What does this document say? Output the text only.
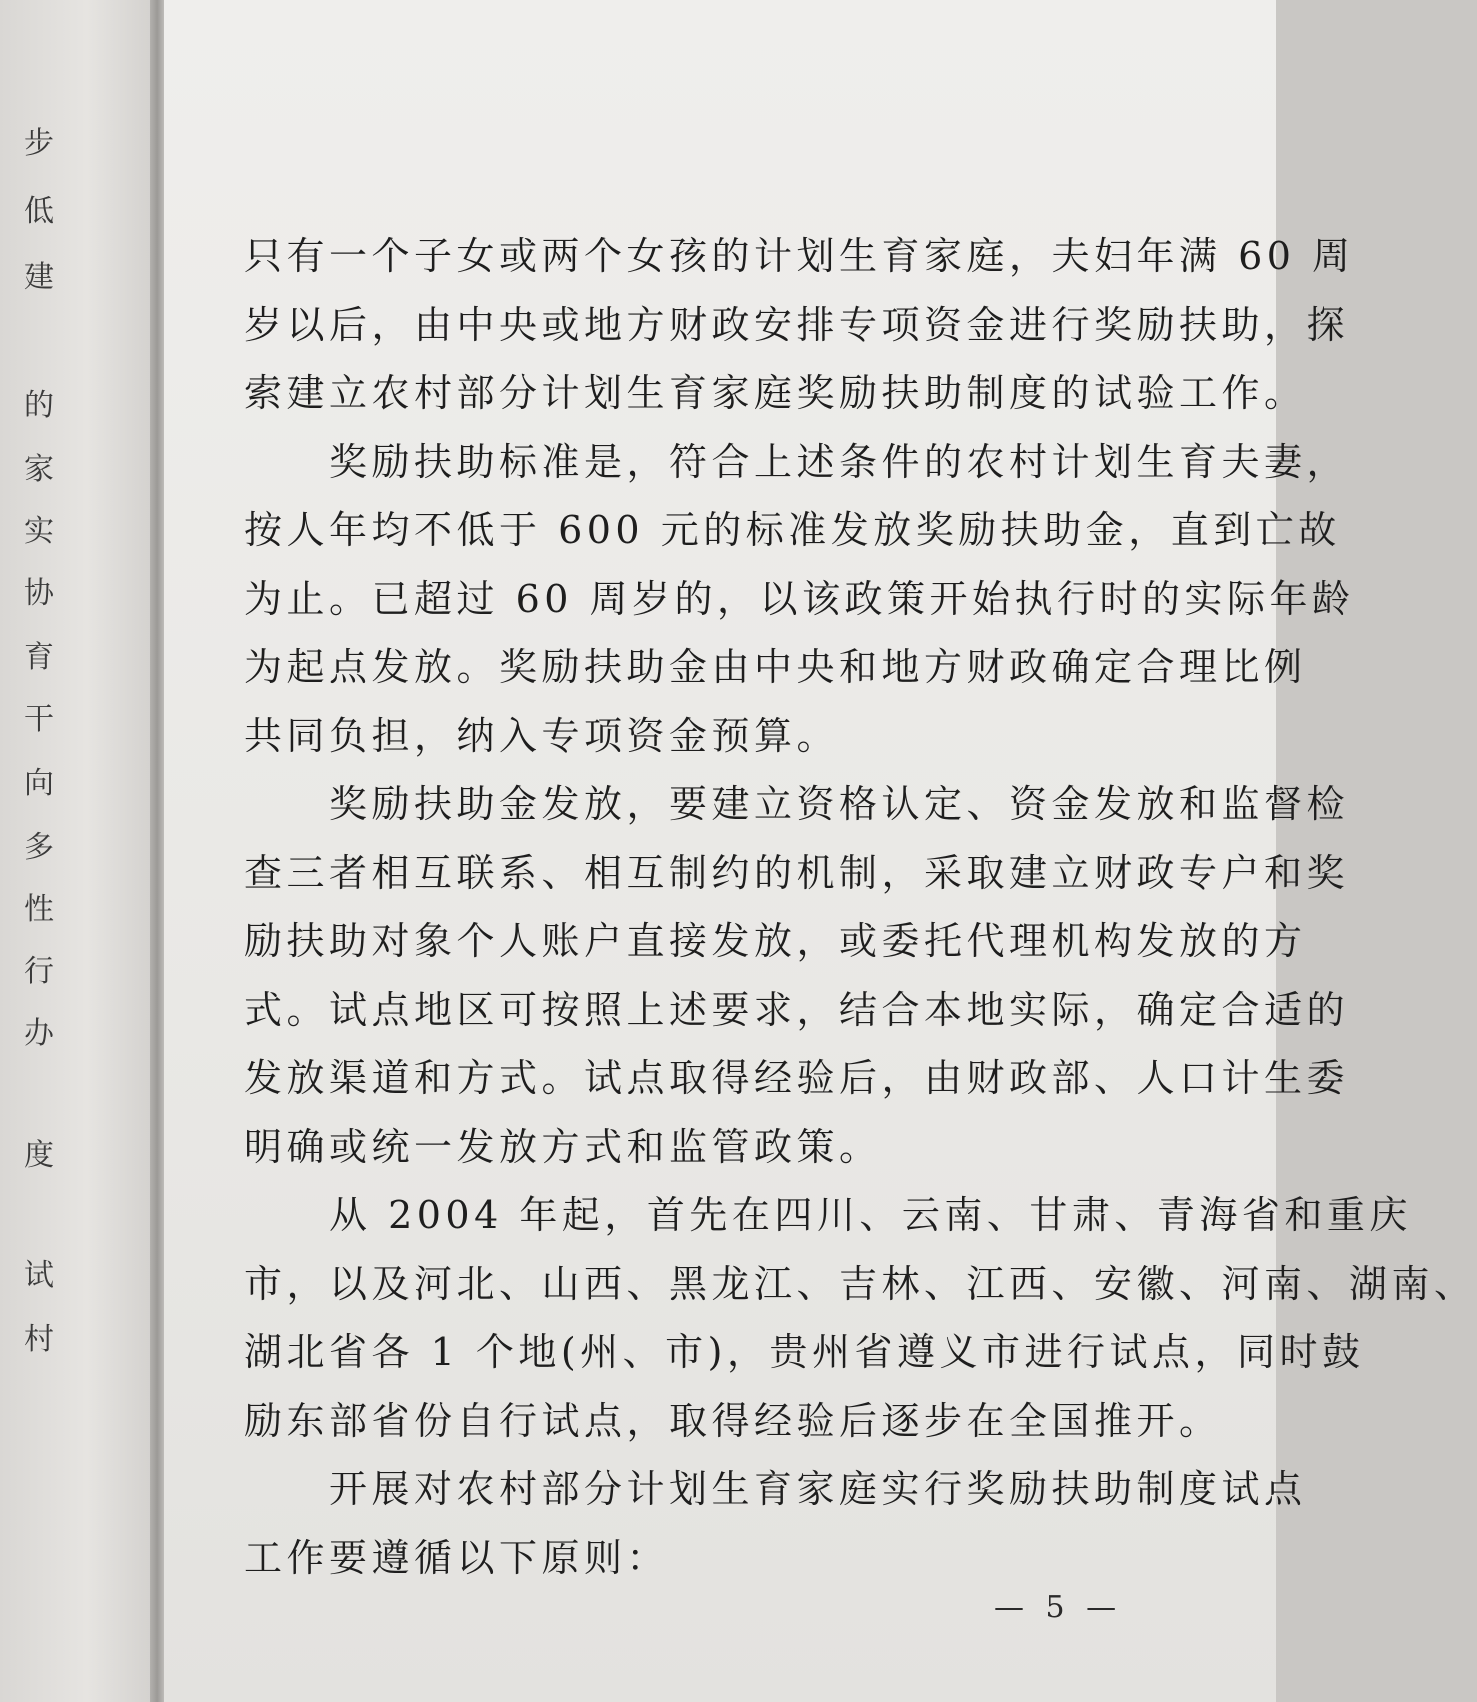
步
低
建
的
家
实
协
育
干
向
多
性
行
办
度
试
村
只有一个子女或两个女孩的计划生育家庭，夫妇年满 60 周
岁以后，由中央或地方财政安排专项资金进行奖励扶助，探
索建立农村部分计划生育家庭奖励扶助制度的试验工作。
　　奖励扶助标准是，符合上述条件的农村计划生育夫妻，
按人年均不低于 600 元的标准发放奖励扶助金，直到亡故
为止。已超过 60 周岁的，以该政策开始执行时的实际年龄
为起点发放。奖励扶助金由中央和地方财政确定合理比例
共同负担，纳入专项资金预算。
　　奖励扶助金发放，要建立资格认定、资金发放和监督检
查三者相互联系、相互制约的机制，采取建立财政专户和奖
励扶助对象个人账户直接发放，或委托代理机构发放的方
式。试点地区可按照上述要求，结合本地实际，确定合适的
发放渠道和方式。试点取得经验后，由财政部、人口计生委
明确或统一发放方式和监管政策。
　　从 2004 年起，首先在四川、云南、甘肃、青海省和重庆
市，以及河北、山西、黑龙江、吉林、江西、安徽、河南、湖南、
湖北省各 1 个地(州、市)，贵州省遵义市进行试点，同时鼓
励东部省份自行试点，取得经验后逐步在全国推开。
　　开展对农村部分计划生育家庭实行奖励扶助制度试点
工作要遵循以下原则：
— 5 —
